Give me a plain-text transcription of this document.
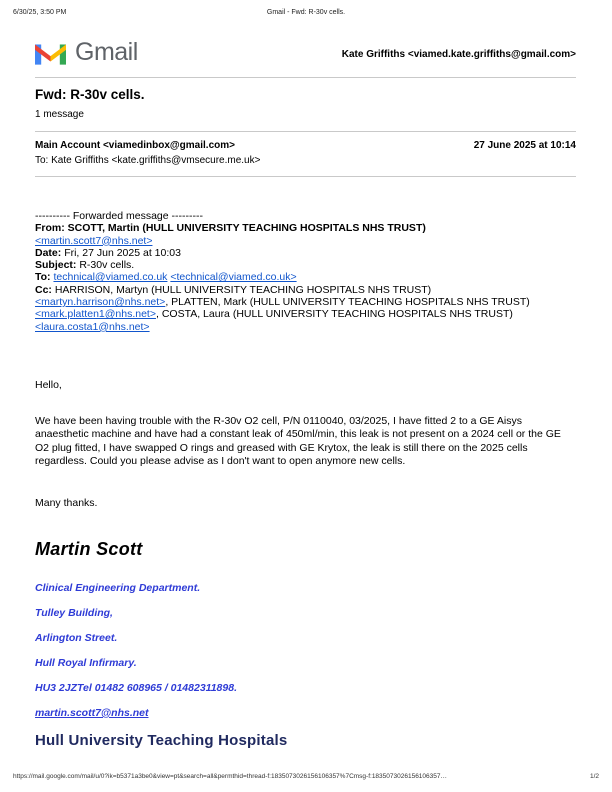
6/30/25, 3:50 PM	Gmail - Fwd: R-30v cells.
Gmail	Kate Griffiths <viamed.kate.griffiths@gmail.com>
Fwd: R-30v cells.
1 message
Main Account <viamedinbox@gmail.com>	27 June 2025 at 10:14
To: Kate Griffiths <kate.griffiths@vmsecure.me.uk>
---------- Forwarded message ---------
From: SCOTT, Martin (HULL UNIVERSITY TEACHING HOSPITALS NHS TRUST)
<martin.scott7@nhs.net>
Date: Fri, 27 Jun 2025 at 10:03
Subject: R-30v cells.
To: technical@viamed.co.uk <technical@viamed.co.uk>
Cc: HARRISON, Martyn (HULL UNIVERSITY TEACHING HOSPITALS NHS TRUST)
<martyn.harrison@nhs.net>, PLATTEN, Mark (HULL UNIVERSITY TEACHING HOSPITALS NHS TRUST)
<mark.platten1@nhs.net>, COSTA, Laura (HULL UNIVERSITY TEACHING HOSPITALS NHS TRUST)
<laura.costa1@nhs.net>
Hello,
We have been having trouble with the R-30v O2 cell, P/N 0110040, 03/2025, I have fitted 2 to a GE Aisys anaesthetic machine and have had a constant leak of 450ml/min, this leak is not present on a 2024 cell or the GE O2 plug fitted, I have swapped O rings and greased with GE Krytox, the leak is still there on the 2025 cells regardless. Could you please advise as I don't want to open anymore new cells.
Many thanks.
Martin Scott
Clinical Engineering Department.
Tulley Building,
Arlington Street.
Hull Royal Infirmary.
HU3 2JZTel 01482 608965 / 01482311898.
martin.scott7@nhs.net
Hull University Teaching Hospitals
https://mail.google.com/mail/u/0?ik=b5371a3be0&view=pt&search=all&permthid=thread-f:1835073026156106357%7Cmsg-f:1835073026156106357…	1/2
